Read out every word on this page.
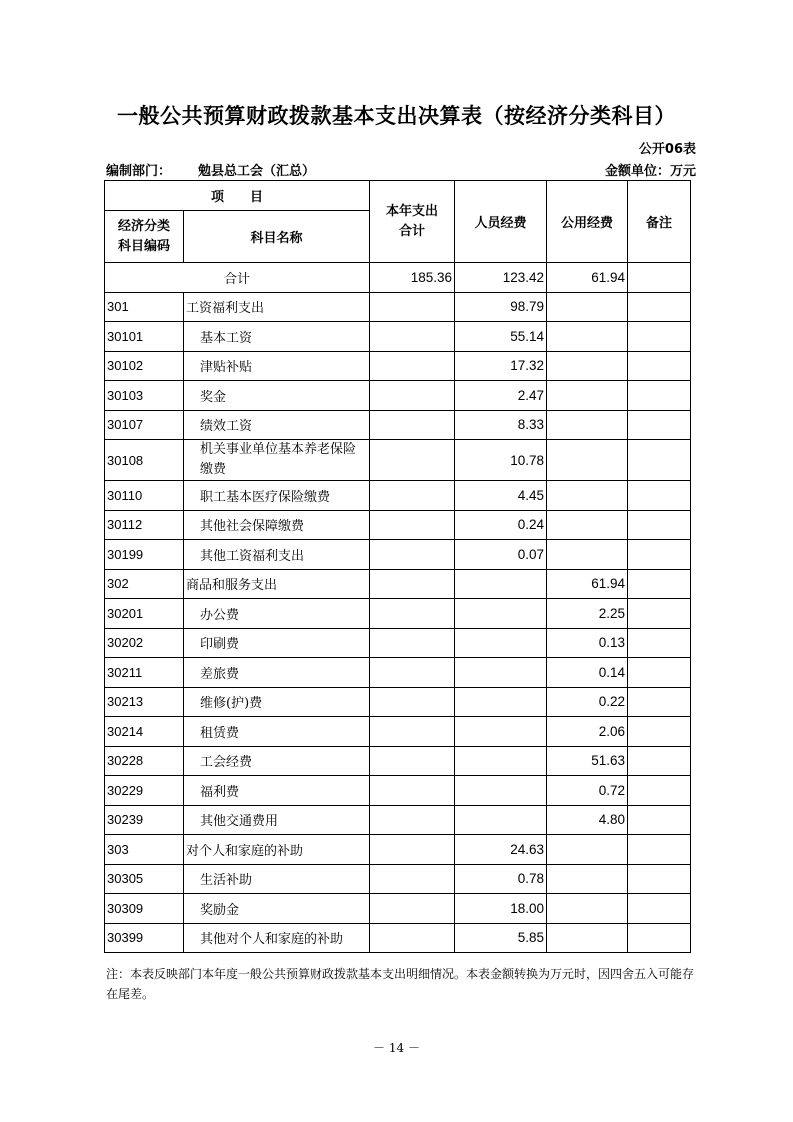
一般公共预算财政拨款基本支出决算表（按经济分类科目）
公开06表
编制部门： 勉县总工会（汇总）	金额单位：万元
项　　目		本年支出
合计	人员经费	公用经费	备注

经济分类
科目编码	科目名称				
合计		185.36	123.42	61.94	
301	工资福利支出		98.79		
30101	基本工资		55.14		
30102	津贴补贴		17.32		
30103	奖金		2.47		
30107	绩效工资		8.33		
30108	机关事业单位基本养老保险缴费		10.78		
30110	职工基本医疗保险缴费		4.45		
30112	其他社会保障缴费		0.24		
30199	其他工资福利支出		0.07		
302	商品和服务支出			61.94	
30201	办公费			2.25	
30202	印刷费			0.13	
30211	差旅费			0.14	
30213	维修(护)费			0.22	
30214	租赁费			2.06	
30228	工会经费			51.63	
30229	福利费			0.72	
30239	其他交通费用			4.80	
303	对个人和家庭的补助		24.63		
30305	生活补助		0.78		
30309	奖励金		18.00		
30399	其他对个人和家庭的补助		5.85		
注：本表反映部门本年度一般公共预算财政拨款基本支出明细情况。本表金额转换为万元时，因四舍五入可能存在尾差。
－ 14 －
